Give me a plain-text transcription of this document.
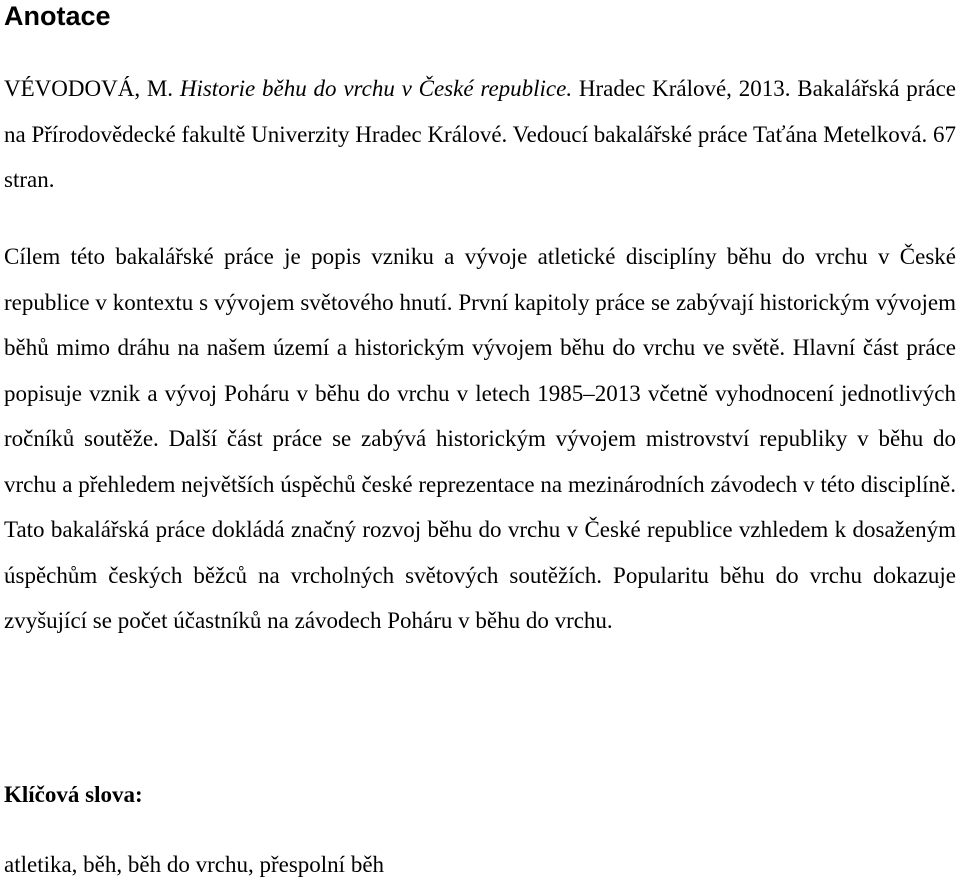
Anotace

VÉVODOVÁ, M. Historie běhu do vrchu v České republice. Hradec Králové, 2013. Bakalářská práce na Přírodovědecké fakultě Univerzity Hradec Králové. Vedoucí bakalářské práce Taťána Metelková. 67 stran.

Cílem této bakalářské práce je popis vzniku a vývoje atletické disciplíny běhu do vrchu v České republice v kontextu s vývojem světového hnutí. První kapitoly práce se zabývají historickým vývojem běhů mimo dráhu na našem území a historickým vývojem běhu do vrchu ve světě. Hlavní část práce popisuje vznik a vývoj Poháru v běhu do vrchu v letech 1985–2013 včetně vyhodnocení jednotlivých ročníků soutěže. Další část práce se zabývá historickým vývojem mistrovství republiky v běhu do vrchu a přehledem největších úspěchů české reprezentace na mezinárodních závodech v této disciplíně. Tato bakalářská práce dokládá značný rozvoj běhu do vrchu v České republice vzhledem k dosaženým úspěchům českých běžců na vrcholných světových soutěžích. Popularitu běhu do vrchu dokazuje zvyšující se počet účastníků na závodech Poháru v běhu do vrchu.

Klíčová slova:

atletika, běh, běh do vrchu, přespolní běh
